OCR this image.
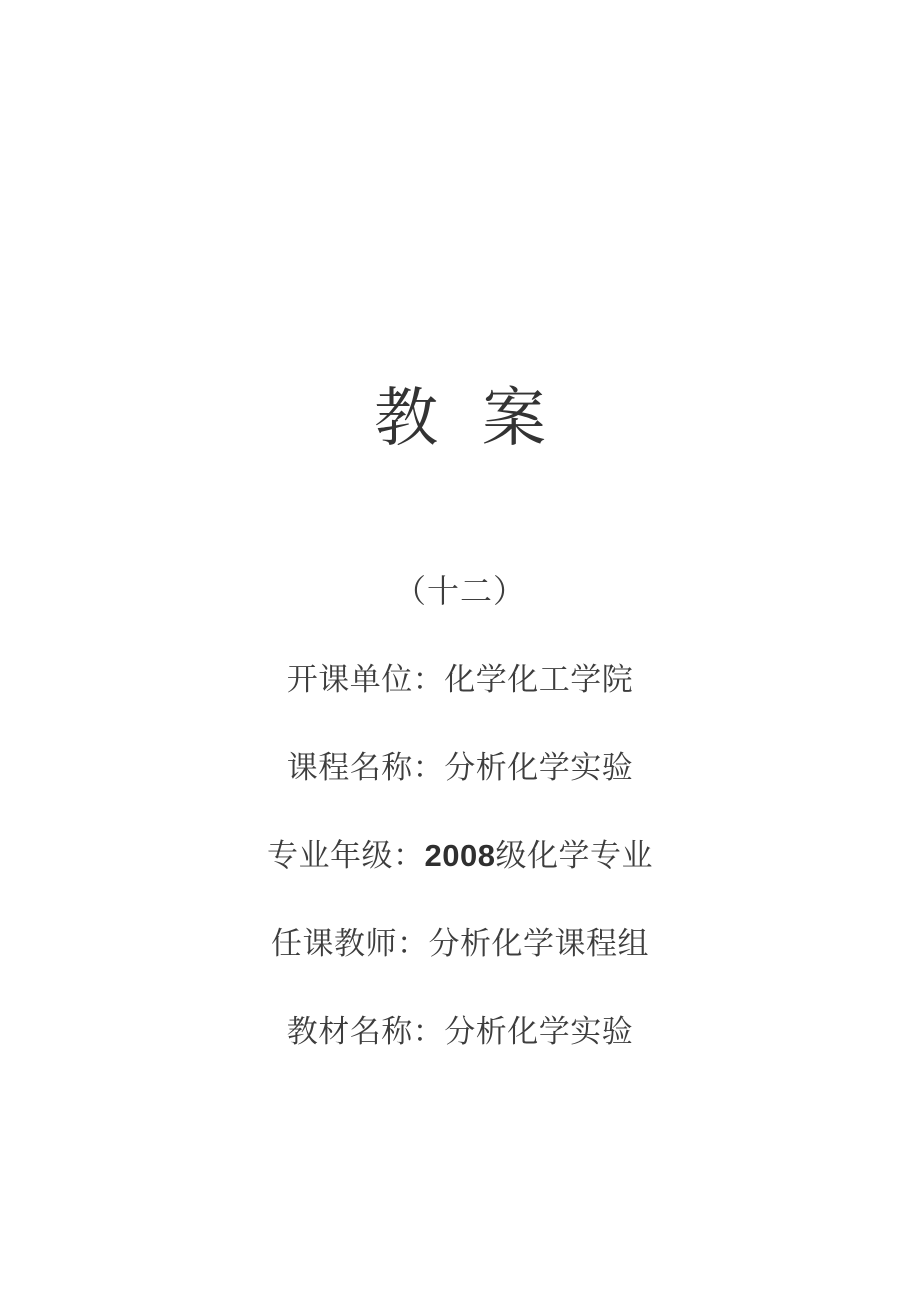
教 案
（十二）

开课单位：化学化工学院

课程名称：分析化学实验

专业年级：2008级化学专业

任课教师：分析化学课程组

教材名称：分析化学实验
